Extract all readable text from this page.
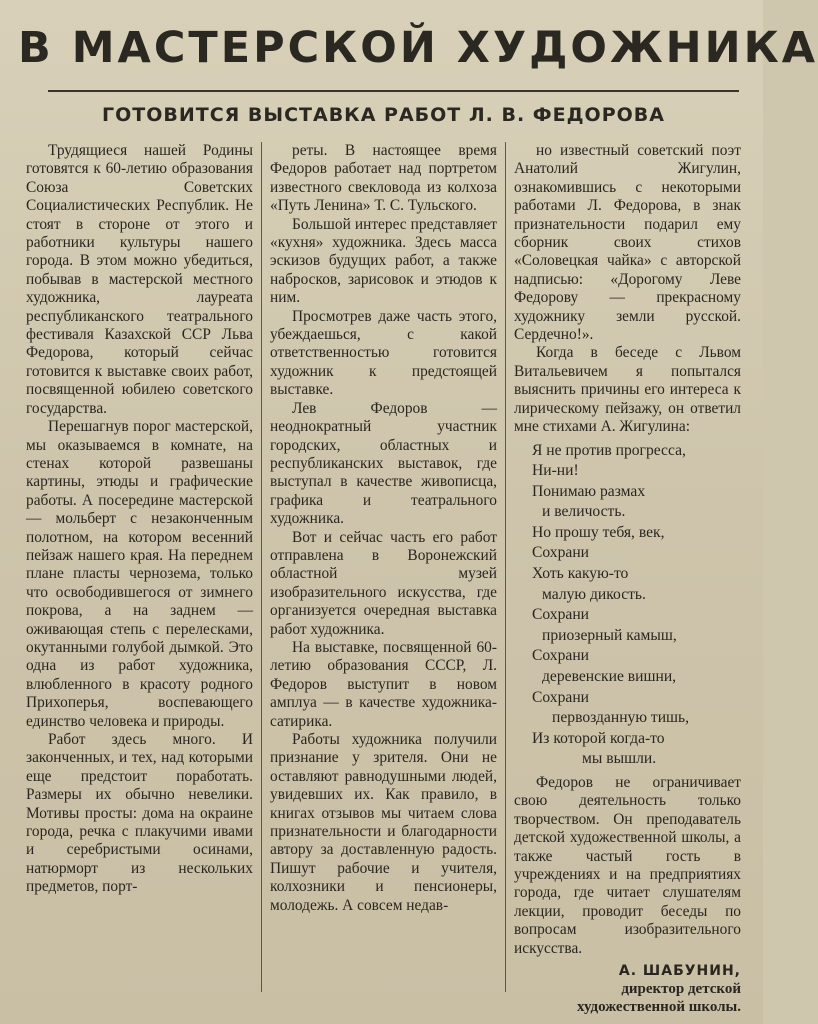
В МАСТЕРСКОЙ ХУДОЖНИКА
ГОТОВИТСЯ ВЫСТАВКА РАБОТ Л. В. ФЕДОРОВА

Трудящиеся нашей Родины готовятся к 60-летию образования Союза Советских Социалистических Республик. Не стоят в стороне от этого и работники культуры нашего города. В этом можно убедиться, побывав в мастерской местного художника, лауреата республиканского театрального фестиваля Казахской ССР Льва Федорова, который сейчас готовится к выставке своих работ, посвященной юбилею советского государства.

Перешагнув порог мастерской, мы оказываемся в комнате, на стенах которой развешаны картины, этюды и графические работы. А посередине мастерской — мольберт с незаконченным полотном, на котором весенний пейзаж нашего края. На переднем плане пласты чернозема, только что освободившегося от зимнего покрова, а на заднем — оживающая степь с перелесками, окутанными голубой дымкой. Это одна из работ художника, влюбленного в красоту родного Прихоперья, воспевающего единство человека и природы.

Работ здесь много. И законченных, и тех, над которыми еще предстоит поработать. Размеры их обычно невелики. Мотивы просты: дома на окраине города, речка с плакучими ивами и серебристыми осинами, натюрморт из нескольких предметов, порт-

реты. В настоящее время Федоров работает над портретом известного свекловода из колхоза «Путь Ленина» Т. С. Тульского.

Большой интерес представляет «кухня» художника. Здесь масса эскизов будущих работ, а также набросков, зарисовок и этюдов к ним.

Просмотрев даже часть этого, убеждаешься, с какой ответственностью готовится художник к предстоящей выставке.

Лев Федоров — неоднократный участник городских, областных и республиканских выставок, где выступал в качестве живописца, графика и театрального художника.

Вот и сейчас часть его работ отправлена в Воронежский областной музей изобразительного искусства, где организуется очередная выставка работ художника.

На выставке, посвященной 60-летию образования СССР, Л. Федоров выступит в новом амплуа — в качестве художника-сатирика.

Работы художника получили признание у зрителя. Они не оставляют равнодушными людей, увидевших их. Как правило, в книгах отзывов мы читаем слова признательности и благодарности автору за доставленную радость. Пишут рабочие и учителя, колхозники и пенсионеры, молодежь. А совсем недав-

но известный советский поэт Анатолий Жигулин, ознакомившись с некоторыми работами Л. Федорова, в знак признательности подарил ему сборник своих стихов «Соловецкая чайка» с авторской надписью: «Дорогому Леве Федорову — прекрасному художнику земли русской. Сердечно!».

Когда в беседе с Львом Витальевичем я попытался выяснить причины его интереса к лирическому пейзажу, он ответил мне стихами А. Жигулина:

Я не против прогресса,
Ни-ни!
Понимаю размах
и величость.
Но прошу тебя, век,
Сохрани
Хоть какую-то
малую дикость.
Сохрани
приозерный камыш,
Сохрани
деревенские вишни,
Сохрани
первозданную тишь,
Из которой когда-то
мы вышли.

Федоров не ограничивает свою деятельность только творчеством. Он преподаватель детской художественной школы, а также частый гость в учреждениях и на предприятиях города, где читает слушателям лекции, проводит беседы по вопросам изобразительного искусства.

А. ШАБУНИН,
директор детской
художественной школы.
